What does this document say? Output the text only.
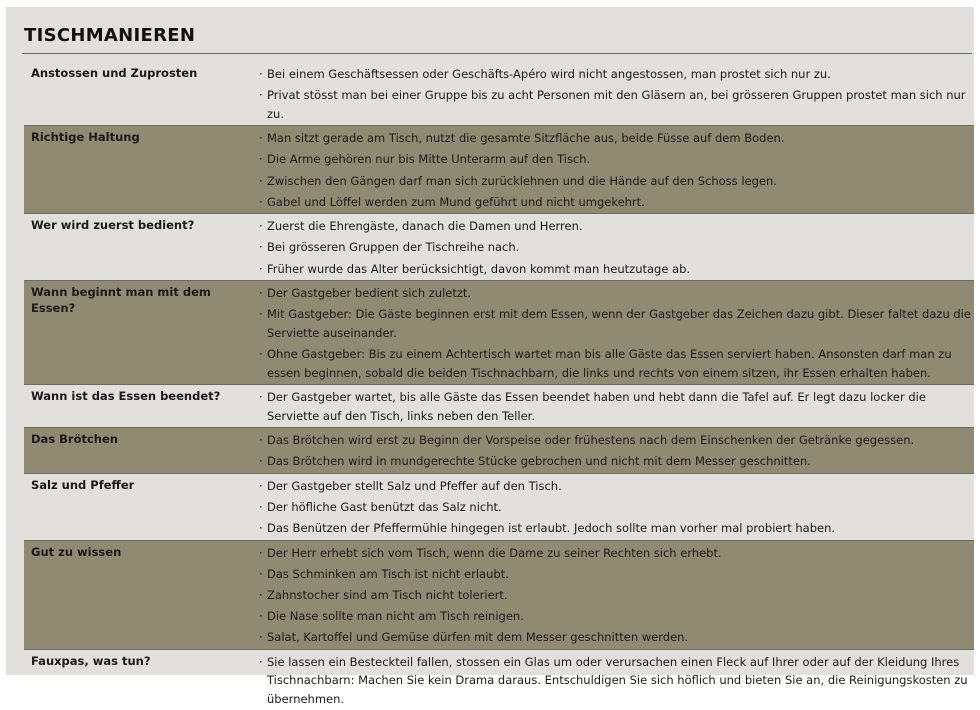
TISCHMANIEREN
Anstossen und Zuprosten	· Bei einem Geschäftsessen oder Geschäfts-Apéro wird nicht angestossen, man prostet sich nur zu.
· Privat stösst man bei einer Gruppe bis zu acht Personen mit den Gläsern an, bei grösseren Gruppen prostet man sich nur zu.
Richtige Haltung	· Man sitzt gerade am Tisch, nutzt die gesamte Sitzfläche aus, beide Füsse auf dem Boden.
· Die Arme gehören nur bis Mitte Unterarm auf den Tisch.
· Zwischen den Gängen darf man sich zurücklehnen und die Hände auf den Schoss legen.
· Gabel und Löffel werden zum Mund geführt und nicht umgekehrt.
Wer wird zuerst bedient?	· Zuerst die Ehrengäste, danach die Damen und Herren.
· Bei grösseren Gruppen der Tischreihe nach.
· Früher wurde das Alter berücksichtigt, davon kommt man heutzutage ab.
Wann beginnt man mit dem Essen?
· Der Gastgeber bedient sich zuletzt.
· Mit Gastgeber: Die Gäste beginnen erst mit dem Essen, wenn der Gastgeber das Zeichen dazu gibt. Dieser faltet dazu die Serviette auseinander.
· Ohne Gastgeber: Bis zu einem Achtertisch wartet man bis alle Gäste das Essen serviert haben. Ansonsten darf man zu essen beginnen, sobald die beiden Tischnachbarn, die links und rechts von einem sitzen, ihr Essen erhalten haben.
Wann ist das Essen beendet?	· Der Gastgeber wartet, bis alle Gäste das Essen beendet haben und hebt dann die Tafel auf. Er legt dazu locker die Serviette auf den Tisch, links neben den Teller.
Das Brötchen	· Das Brötchen wird erst zu Beginn der Vorspeise oder frühestens nach dem Einschenken der Getränke gegessen.
· Das Brötchen wird in mundgerechte Stücke gebrochen und nicht mit dem Messer geschnitten.
Salz und Pfeffer	· Der Gastgeber stellt Salz und Pfeffer auf den Tisch.
· Der höfliche Gast benützt das Salz nicht.
· Das Benützen der Pfeffermühle hingegen ist erlaubt. Jedoch sollte man vorher mal probiert haben.
Gut zu wissen	· Der Herr erhebt sich vom Tisch, wenn die Dame zu seiner Rechten sich erhebt.
· Das Schminken am Tisch ist nicht erlaubt.
· Zahnstocher sind am Tisch nicht toleriert.
· Die Nase sollte man nicht am Tisch reinigen.
· Salat, Kartoffel und Gemüse dürfen mit dem Messer geschnitten werden.
Fauxpas, was tun?	· Sie lassen ein Besteckteil fallen, stossen ein Glas um oder verursachen einen Fleck auf Ihrer oder auf der Kleidung Ihres Tischnachbarn: Machen Sie kein Drama daraus. Entschuldigen Sie sich höflich und bieten Sie an, die Reinigungskosten zu übernehmen.
